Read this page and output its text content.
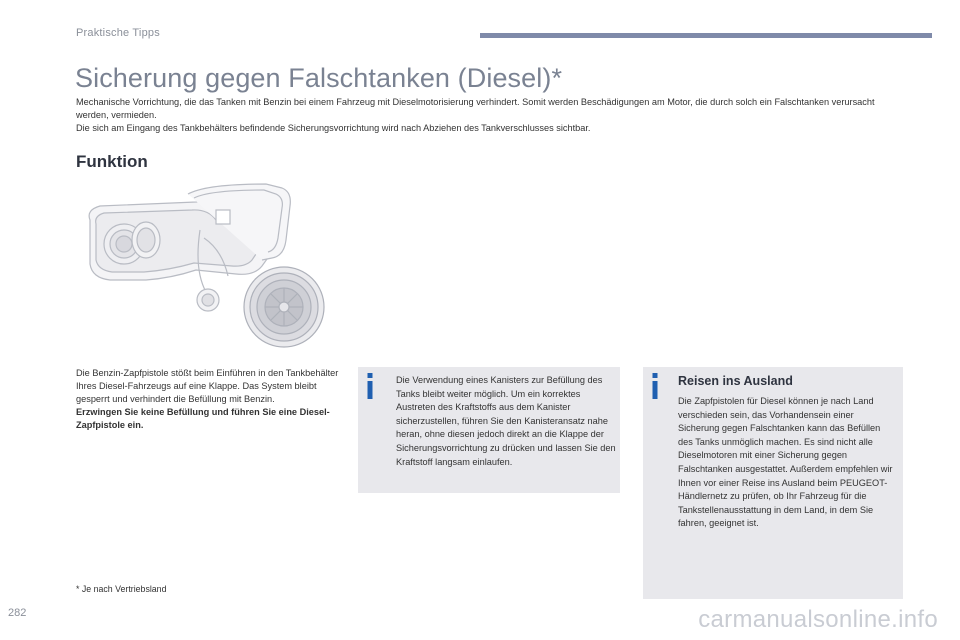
Praktische Tipps
Sicherung gegen Falschtanken (Diesel)*

Mechanische Vorrichtung, die das Tanken mit Benzin bei einem Fahrzeug mit Dieselmotorisierung verhindert. Somit werden Beschädigungen am Motor, die durch solch ein Falschtanken verursacht werden, vermieden.

Die sich am Eingang des Tankbehälters befindende Sicherungsvorrichtung wird nach Abziehen des Tankverschlusses sichtbar.

Funktion
Die Benzin-Zapfpistole stößt beim Einführen in den Tankbehälter Ihres Diesel-Fahrzeugs auf eine Klappe. Das System bleibt gesperrt und verhindert die Befüllung mit Benzin.
Erzwingen Sie keine Befüllung und führen Sie eine Diesel-Zapfpistole ein.
Die Verwendung eines Kanisters zur Befüllung des Tanks bleibt weiter möglich. Um ein korrektes Austreten des Kraftstoffs aus dem Kanister sicherzustellen, führen Sie den Kanisteransatz nahe heran, ohne diesen jedoch direkt an die Klappe der Sicherungsvorrichtung zu drücken und lassen Sie den Kraftstoff langsam einlaufen.
Reisen ins Ausland
Die Zapfpistolen für Diesel können je nach Land verschieden sein, das Vorhandensein einer Sicherung gegen Falschtanken kann das Befüllen des Tanks unmöglich machen. Es sind nicht alle Dieselmotoren mit einer Sicherung gegen Falschtanken ausgestattet. Außerdem empfehlen wir Ihnen vor einer Reise ins Ausland beim PEUGEOT-Händlernetz zu prüfen, ob Ihr Fahrzeug für die Tankstellenausstattung in dem Land, in dem Sie fahren, geeignet ist.
* Je nach Vertriebsland
282	carmanualsonline.info
